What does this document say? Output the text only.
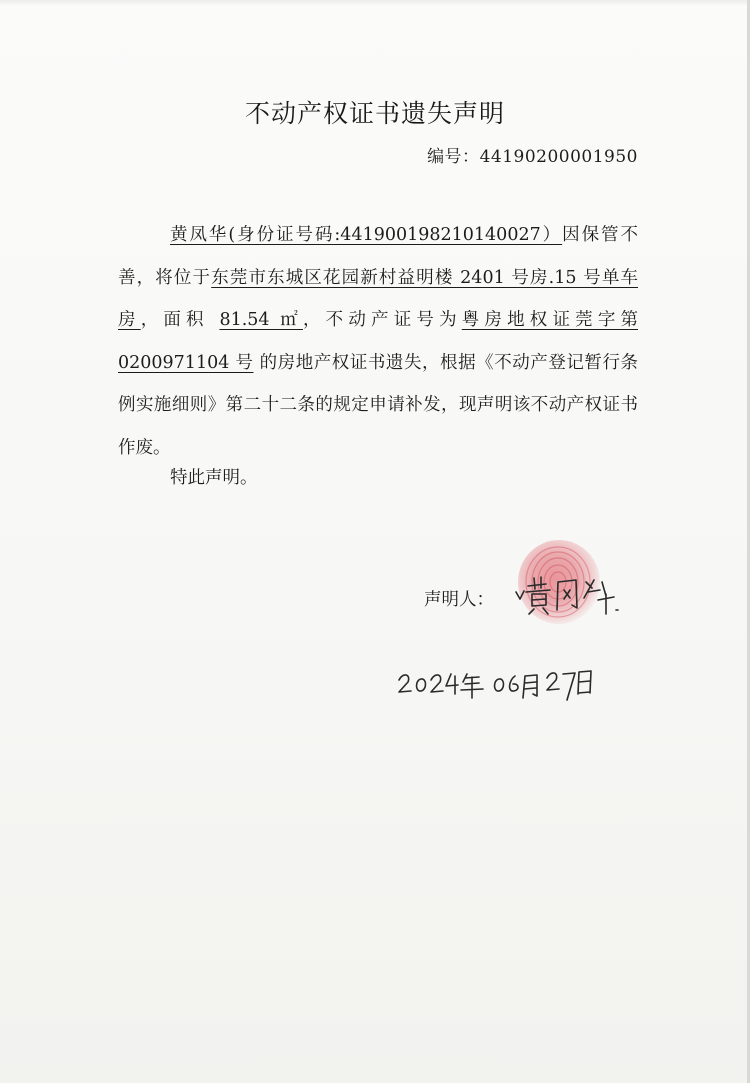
不动产权证书遗失声明
编号：44190200001950
黄凤华(身份证号码:441900198210140027）因保管不善，将位于东莞市东城区花园新村益明楼 2401 号房.15 号单车房，面积 81.54 ㎡，不动产证号为粤房地权证莞字第 0200971104 号 的房地产权证书遗失，根据《不动产登记暂行条例实施细则》第二十二条的规定申请补发，现声明该不动产权证书作废。
特此声明。
声明人：
